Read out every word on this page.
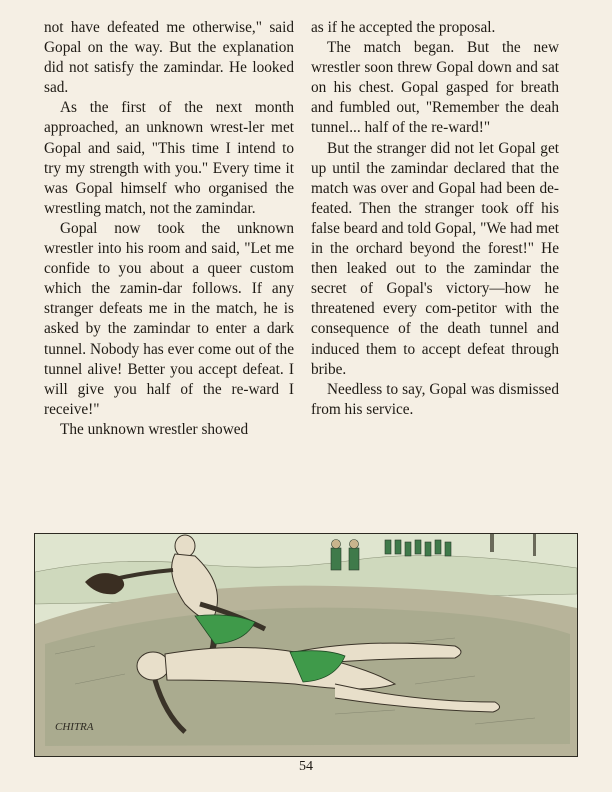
not have defeated me otherwise," said Gopal on the way. But the explanation did not satisfy the zamindar. He looked sad.

As the first of the next month approached, an unknown wrest-ler met Gopal and said, "This time I intend to try my strength with you." Every time it was Gopal himself who organised the wrestling match, not the zamindar.

Gopal now took the unknown wrestler into his room and said, "Let me confide to you about a queer custom which the zamin-dar follows. If any stranger defeats me in the match, he is asked by the zamindar to enter a dark tunnel. Nobody has ever come out of the tunnel alive! Better you accept defeat. I will give you half of the re-ward I receive!"

The unknown wrestler showed

as if he accepted the proposal.

The match began. But the new wrestler soon threw Gopal down and sat on his chest. Gopal gasped for breath and fumbled out, "Remember the deah tunnel... half of the re-ward!"

But the stranger did not let Gopal get up until the zamindar declared that the match was over and Gopal had been de-feated. Then the stranger took off his false beard and told Gopal, "We had met in the orchard beyond the forest!" He then leaked out to the zamindar the secret of Gopal's victory—how he threatened every com-petitor with the consequence of the death tunnel and induced them to accept defeat through bribe.

Needless to say, Gopal was dismissed from his service.

CHITRA
54
